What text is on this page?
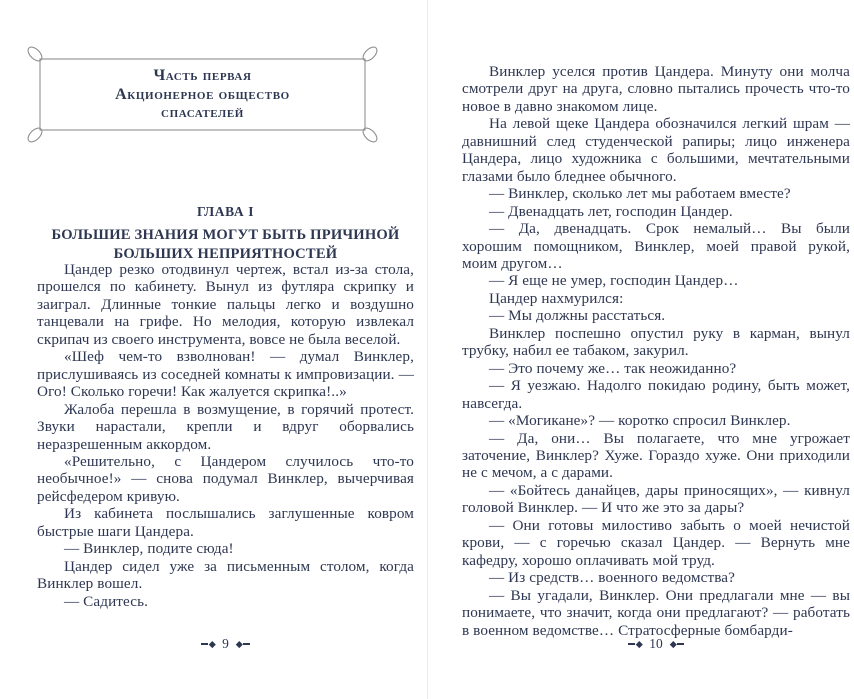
Часть первая
Акционерное общество
спасателей
ГЛАВА I
БОЛЬШИЕ ЗНАНИЯ МОГУТ БЫТЬ ПРИЧИНОЙ
БОЛЬШИХ НЕПРИЯТНОСТЕЙ

Цандер резко отодвинул чертеж, встал из-за стола, прошелся по кабинету. Вынул из футляра скрипку и заиграл. Длинные тонкие пальцы легко и воздушно танцевали на грифе. Но мелодия, которую извлекал скрипач из своего инструмента, вовсе не была веселой.

«Шеф чем-то взволнован! — думал Винклер, прислушиваясь из соседней комнаты к импровизации. — Ого! Сколько горечи! Как жалуется скрипка!..»

Жалоба перешла в возмущение, в горячий протест. Звуки нарастали, крепли и вдруг оборвались неразрешенным аккордом.

«Решительно, с Цандером случилось что-то необычное!» — снова подумал Винклер, вычерчивая рейсфедером кривую.

Из кабинета послышались заглушенные ковром быстрые шаги Цандера.

— Винклер, подите сюда!

Цандер сидел уже за письменным столом, когда Винклер вошел.

— Садитесь.

9

Винклер уселся против Цандера. Минуту они молча смотрели друг на друга, словно пытались прочесть что-то новое в давно знакомом лице.

На левой щеке Цандера обозначился легкий шрам — давнишний след студенческой рапиры; лицо инженера Цандера, лицо художника с большими, мечтательными глазами было бледнее обычного.

— Винклер, сколько лет мы работаем вместе?

— Двенадцать лет, господин Цандер.

— Да, двенадцать. Срок немалый… Вы были хорошим помощником, Винклер, моей правой рукой, моим другом…

— Я еще не умер, господин Цандер…

Цандер нахмурился:

— Мы должны расстаться.

Винклер поспешно опустил руку в карман, вынул трубку, набил ее табаком, закурил.

— Это почему же… так неожиданно?

— Я уезжаю. Надолго покидаю родину, быть может, навсегда.

— «Могикане»? — коротко спросил Винклер.

— Да, они… Вы полагаете, что мне угрожает заточение, Винклер? Хуже. Гораздо хуже. Они приходили не с мечом, а с дарами.

— «Бойтесь данайцев, дары приносящих», — кивнул головой Винклер. — И что же это за дары?

— Они готовы милостиво забыть о моей нечистой крови, — с горечью сказал Цандер. — Вернуть мне кафедру, хорошо оплачивать мой труд.

— Из средств… военного ведомства?

— Вы угадали, Винклер. Они предлагали мне — вы понимаете, что значит, когда они предлагают? — работать в военном ведомстве… Стратосферные бомбарди-

10
